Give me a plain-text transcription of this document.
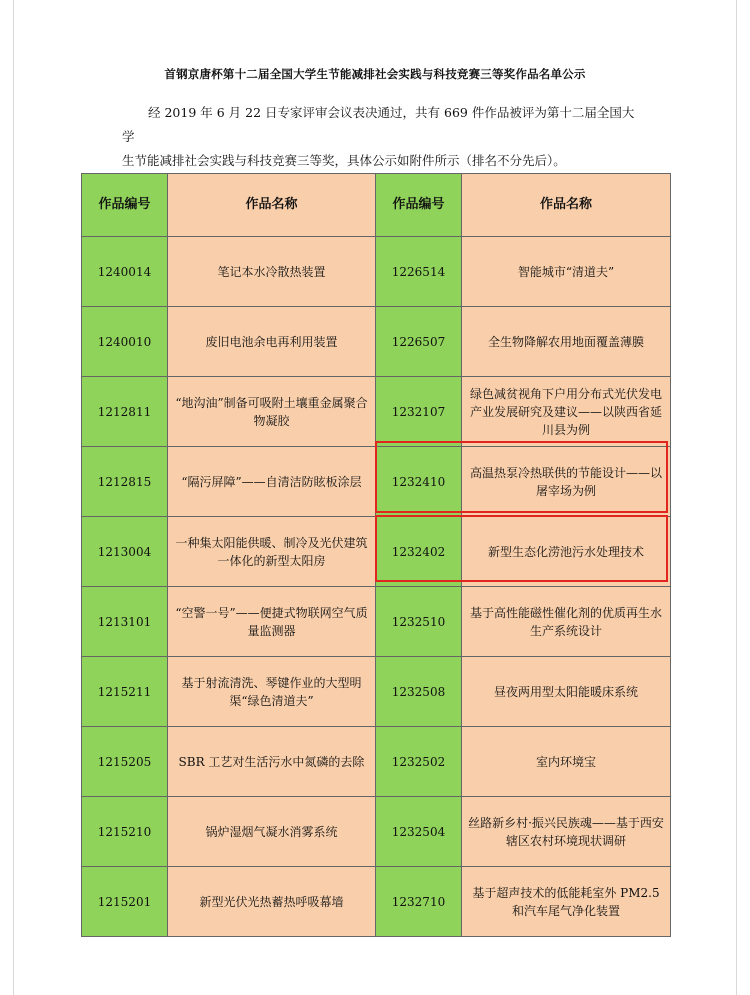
首钢京唐杯第十二届全国大学生节能减排社会实践与科技竞赛三等奖作品名单公示
经 2019 年 6 月 22 日专家评审会议表决通过，共有 669 件作品被评为第十二届全国大学
生节能减排社会实践与科技竞赛三等奖，具体公示如附件所示（排名不分先后）。
作品编号	作品名称	作品编号	作品名称
1240014	笔记本水冷散热装置	1226514	智能城市“清道夫”
1240010	废旧电池余电再利用装置	1226507	全生物降解农用地面覆盖薄膜
1212811	“地沟油”制备可吸附土壤重金属聚合物凝胶	1232107	绿色减贫视角下户用分布式光伏发电产业发展研究及建议——以陕西省延川县为例
1212815	“隔污屏障”——自清洁防眩板涂层	1232410	高温热泵冷热联供的节能设计——以屠宰场为例
1213004	一种集太阳能供暖、制冷及光伏建筑一体化的新型太阳房	1232402	新型生态化涝池污水处理技术
1213101	“空警一号”——便捷式物联网空气质量监测器	1232510	基于高性能磁性催化剂的优质再生水生产系统设计
1215211	基于射流清洗、琴键作业的大型明渠“绿色清道夫”	1232508	昼夜两用型太阳能暖床系统
1215205	SBR 工艺对生活污水中氮磷的去除	1232502	室内环境宝
1215210	锅炉湿烟气凝水消雾系统	1232504	丝路新乡村·振兴民族魂——基于西安辖区农村环境现状调研
1215201	新型光伏光热蓄热呼吸幕墙	1232710	基于超声技术的低能耗室外 PM2.5 和汽车尾气净化装置
